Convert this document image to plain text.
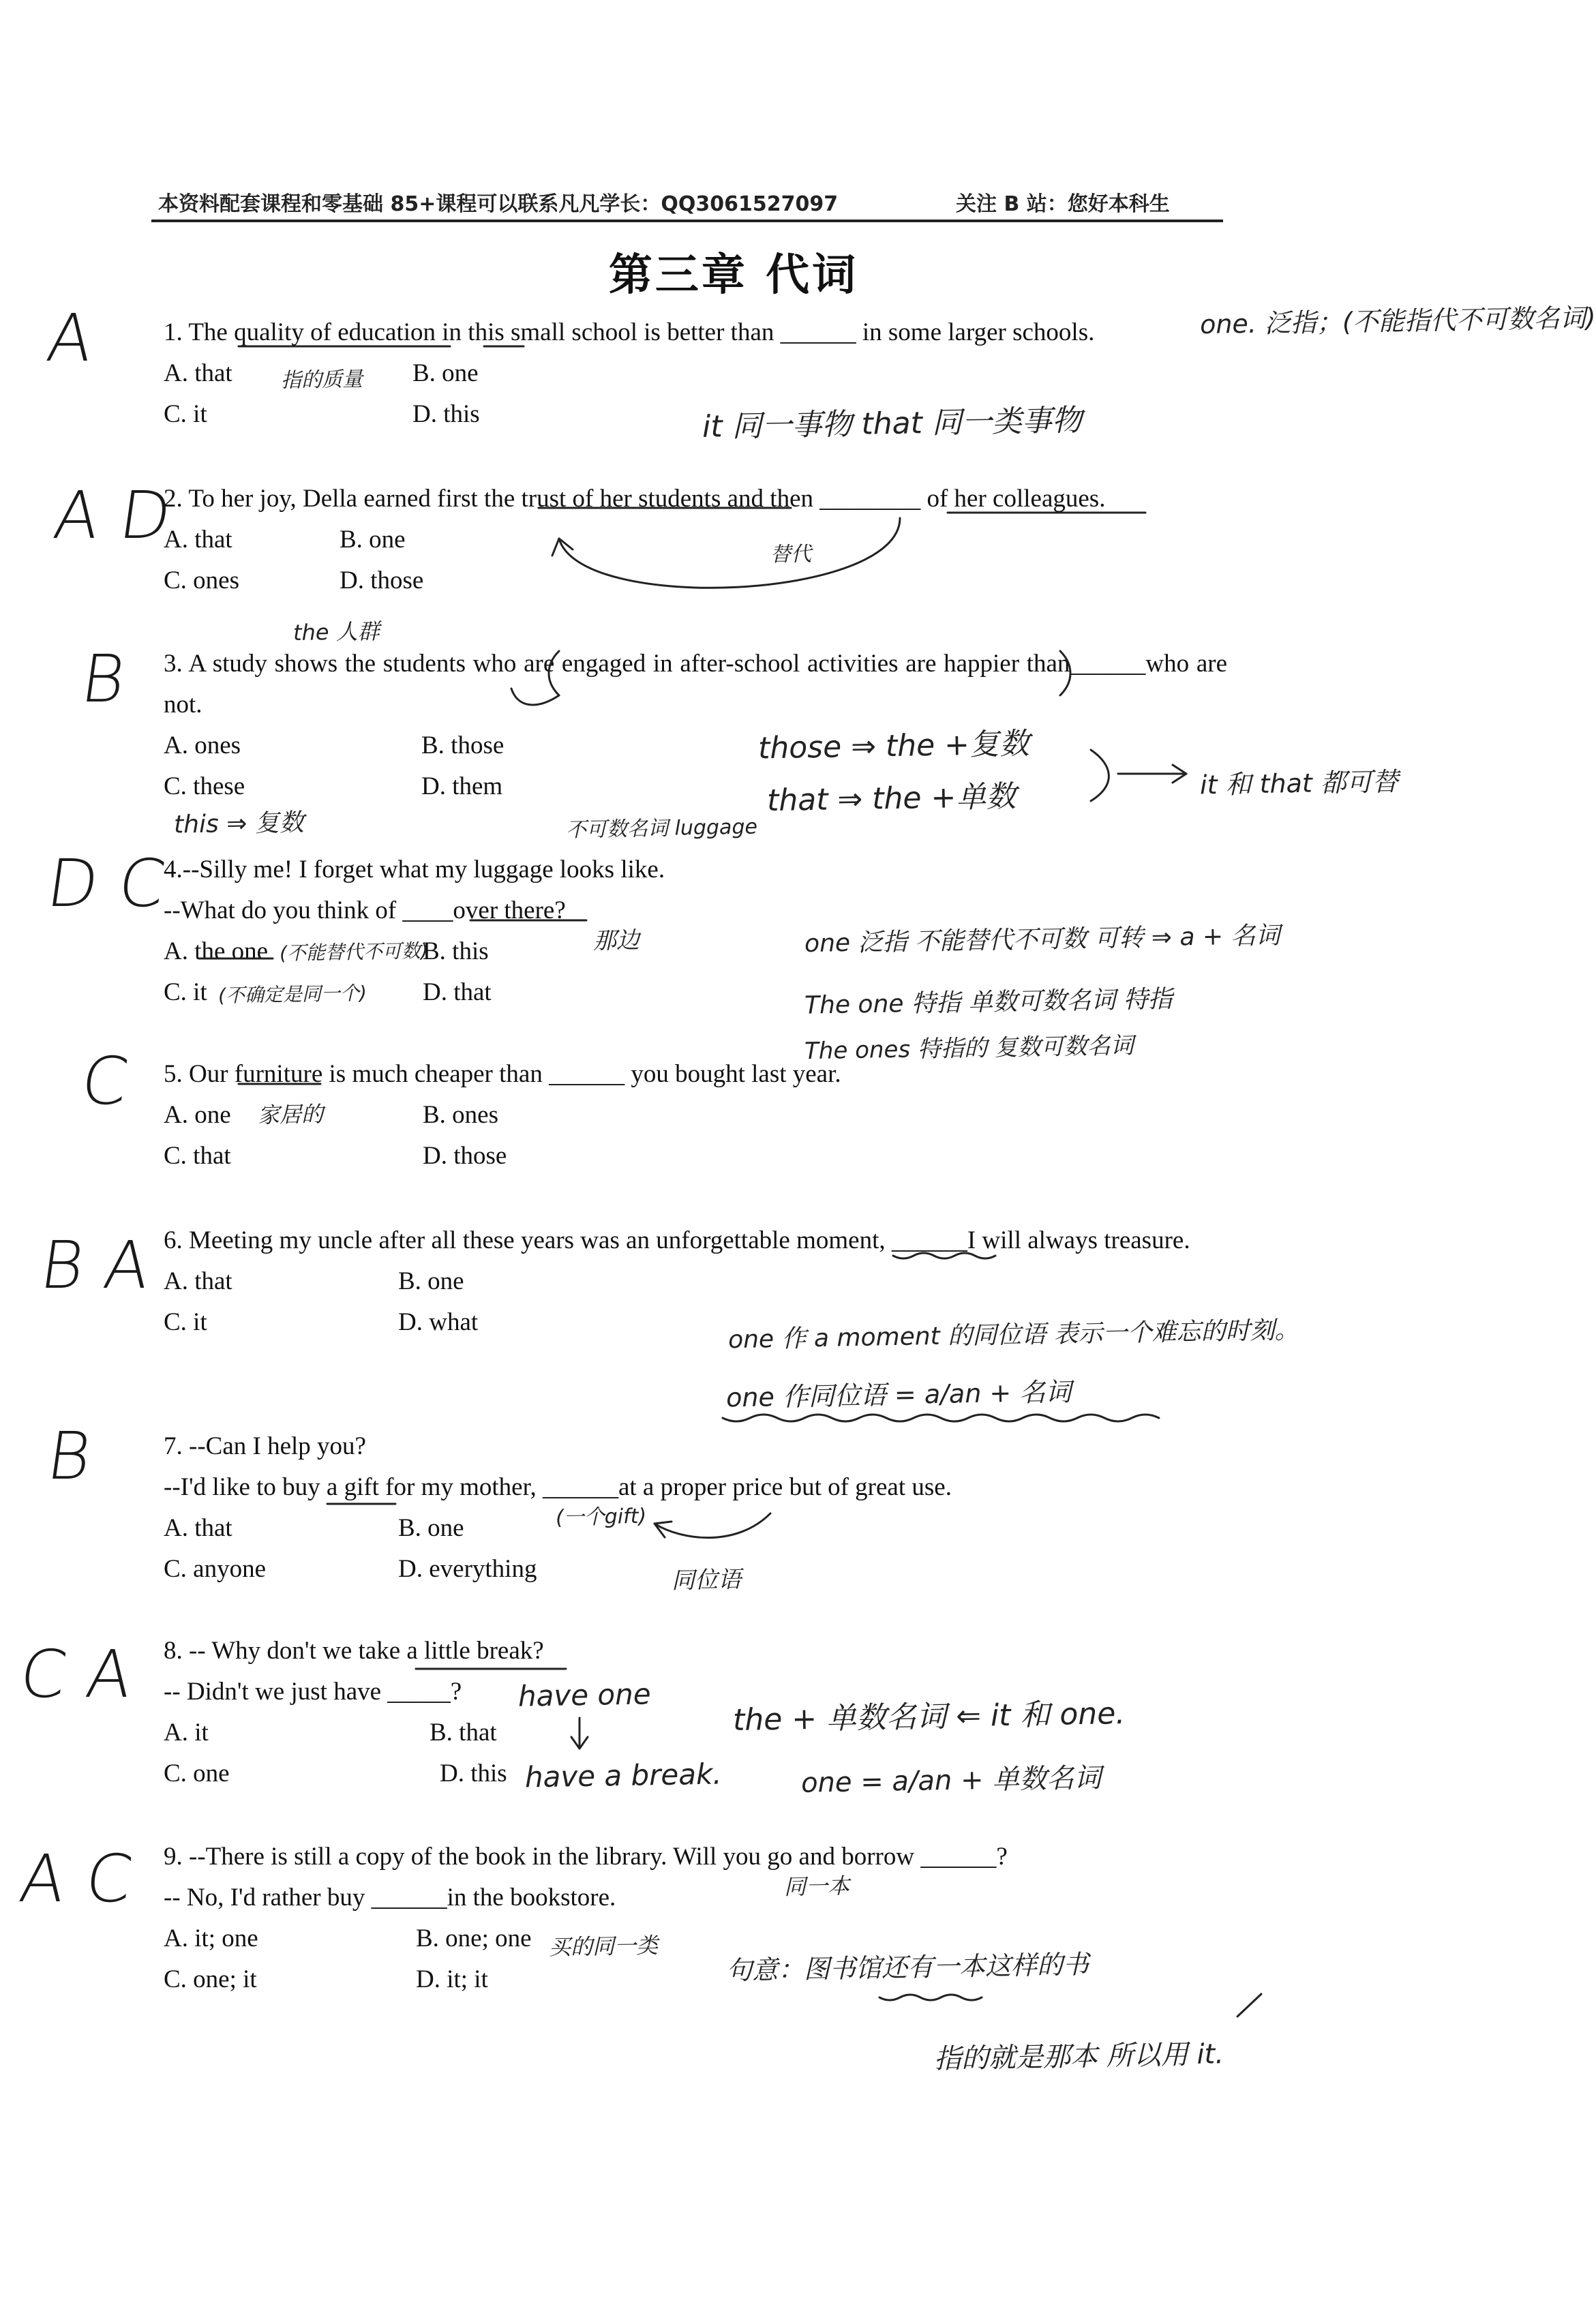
本资料配套课程和零基础 85+课程可以联系凡凡学长：QQ3061527097	关注 B 站：您好本科生
第三章 代词
1. The quality of education in this small school is better than ______ in some larger schools.
A. that	B. one
C. it	D. this
2. To her joy, Della earned first the trust of her students and then ________ of her colleagues.
A. that	B. one
C. ones	D. those
3. A study shows the students who are engaged in after-school activities are happier than______who are not.
A. ones	B. those
C. these	D. them
4.--Silly me! I forget what my luggage looks like.
--What do you think of ____over there?
A. the one	B. this
C. it	D. that
5. Our furniture is much cheaper than ______ you bought last year.
A. one	B. ones
C. that	D. those
6. Meeting my uncle after all these years was an unforgettable moment, ______I will always treasure.
A. that	B. one
C. it	D. what
7. --Can I help you?
--I'd like to buy a gift for my mother, ______at a proper price but of great use.
A. that	B. one
C. anyone	D. everything
8. -- Why don't we take a little break?
-- Didn't we just have _____?
A. it	B. that
C. one	D. this
9. --There is still a copy of the book in the library. Will you go and borrow ______?
-- No, I'd rather buy ______in the bookstore.
A. it; one	B. one; one
C. one; it	D. it; it
A
A D
B
D C
C
B A
B
C A
A C
one. 泛指；(不能指代不可数名词)
指的质量
it 同一事物 that 同一类事物
替代
the 人群
those ⇒ the +复数
that ⇒ the +单数	it 和 that 都可替
this ⇒ 复数	不可数名词 luggage
那边
(不能替代不可数)
(不确定是同一个)
one 泛指 不能替代不可数 可转 ⇒ a + 名词
The one 特指 单数可数名词 特指
The ones 特指的 复数可数名词
家居的
one 作 a moment 的同位语 表示一个难忘的时刻。
one 作同位语 = a/an + 名词
(一个gift)
同位语
have one
have a break.
the + 单数名词 ⇐ it 和 one.
one = a/an + 单数名词
同一本
买的同一类
句意：图书馆还有一本这样的书
指的就是那本 所以用 it.
